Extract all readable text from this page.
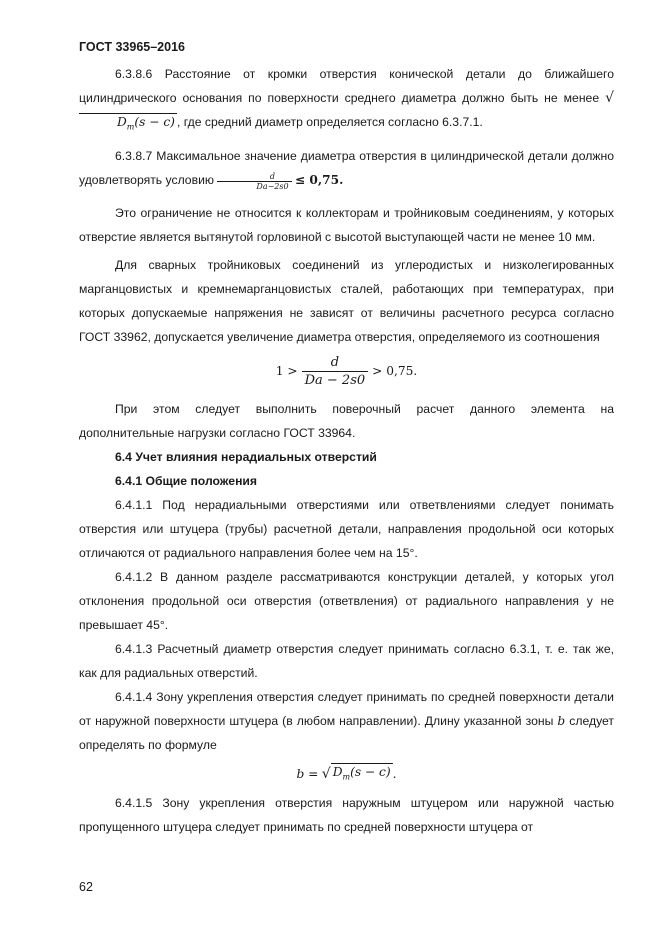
ГОСТ 33965–2016

6.3.8.6 Расстояние от кромки отверстия конической детали до ближайшего цилиндрического основания по поверхности среднего диаметра должно быть не менее $√D_m(s - c)$ , где средний диаметр определяется согласно 6.3.7.1.

6.3.8.7 Максимальное значение диаметра отверстия в цилиндрической детали должно удовлетворять условию $\frac{d}{Da-2s0} \le 0,75$.

Это ограничение не относится к коллекторам и тройниковым соединениям, у которых отверстие является вытянутой горловиной с высотой выступающей части не менее 10 мм.

Для сварных тройниковых соединений из углеродистых и низколегированных марганцовистых и кремнемарганцовистых сталей, работающих при температурах, при которых допускаемые напряжения не зависят от величины расчетного ресурса согласно ГОСТ 33962, допускается увеличение диаметра отверстия, определяемого из соотношения

$1 > \frac{d}{Da - 2s0} > 0,75$.

При этом следует выполнить поверочный расчет данного элемента на дополнительные нагрузки согласно ГОСТ 33964.

6.4 Учет влияния нерадиальных отверстий

6.4.1 Общие положения

6.4.1.1 Под нерадиальными отверстиями или ответвлениями следует понимать отверстия или штуцера (трубы) расчетной детали, направления продольной оси которых отличаются от радиального направления более чем на 15°.

6.4.1.2 В данном разделе рассматриваются конструкции деталей, у которых угол отклонения продольной оси отверстия (ответвления) от радиального направления у не превышает 45°.

6.4.1.3 Расчетный диаметр отверстия следует принимать согласно 6.3.1, т. е. так же, как для радиальных отверстий.

6.4.1.4 Зону укрепления отверстия следует принимать по средней поверхности детали от наружной поверхности штуцера (в любом направлении). Длину указанной зоны b следует определять по формуле

b =
√ $D_m(s - c)$ .

6.4.1.5 Зону укрепления отверстия наружным штуцером или наружной частью пропущенного штуцера следует принимать по средней поверхности штуцера от

62
